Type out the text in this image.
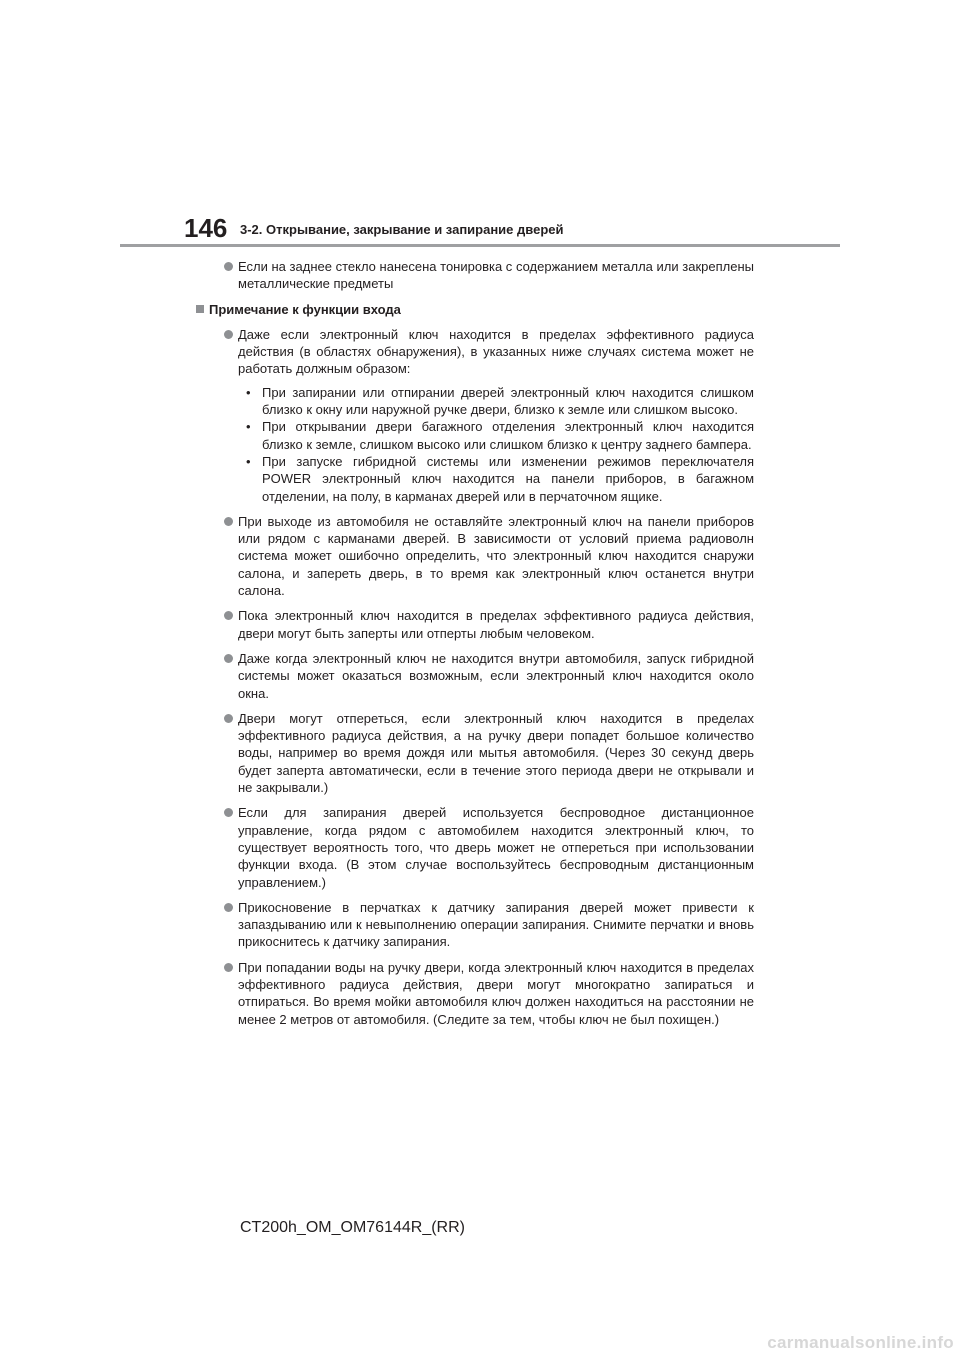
146 3-2. Открывание, закрывание и запирание дверей
Если на заднее стекло нанесена тонировка с содержанием металла или закреплены металлические предметы
Примечание к функции входа
Даже если электронный ключ находится в пределах эффективного радиуса действия (в областях обнаружения), в указанных ниже случаях система может не работать должным образом:
• При запирании или отпирании дверей электронный ключ находится слишком близко к окну или наружной ручке двери, близко к земле или слишком высоко.
• При открывании двери багажного отделения электронный ключ находится близко к земле, слишком высоко или слишком близко к центру заднего бампера.
• При запуске гибридной системы или изменении режимов переключателя POWER электронный ключ находится на панели приборов, в багажном отделении, на полу, в карманах дверей или в перчаточном ящике.
При выходе из автомобиля не оставляйте электронный ключ на панели приборов или рядом с карманами дверей. В зависимости от условий приема радиоволн система может ошибочно определить, что электронный ключ находится снаружи салона, и запереть дверь, в то время как электронный ключ останется внутри салона.
Пока электронный ключ находится в пределах эффективного радиуса действия, двери могут быть заперты или отперты любым человеком.
Даже когда электронный ключ не находится внутри автомобиля, запуск гибридной системы может оказаться возможным, если электронный ключ находится около окна.
Двери могут отпереться, если электронный ключ находится в пределах эффективного радиуса действия, а на ручку двери попадет большое количество воды, например во время дождя или мытья автомобиля. (Через 30 секунд дверь будет заперта автоматически, если в течение этого периода двери не открывали и не закрывали.)
Если для запирания дверей используется беспроводное дистанционное управление, когда рядом с автомобилем находится электронный ключ, то существует вероятность того, что дверь может не отпереться при использовании функции входа. (В этом случае воспользуйтесь беспроводным дистанционным управлением.)
Прикосновение в перчатках к датчику запирания дверей может привести к запаздыванию или к невыполнению операции запирания. Снимите перчатки и вновь прикоснитесь к датчику запирания.
При попадании воды на ручку двери, когда электронный ключ находится в пределах эффективного радиуса действия, двери могут многократно запираться и отпираться. Во время мойки автомобиля ключ должен находиться на расстоянии не менее 2 метров от автомобиля. (Следите за тем, чтобы ключ не был похищен.)
CT200h_OM_OM76144R_(RR)
carmanualsonline.info
